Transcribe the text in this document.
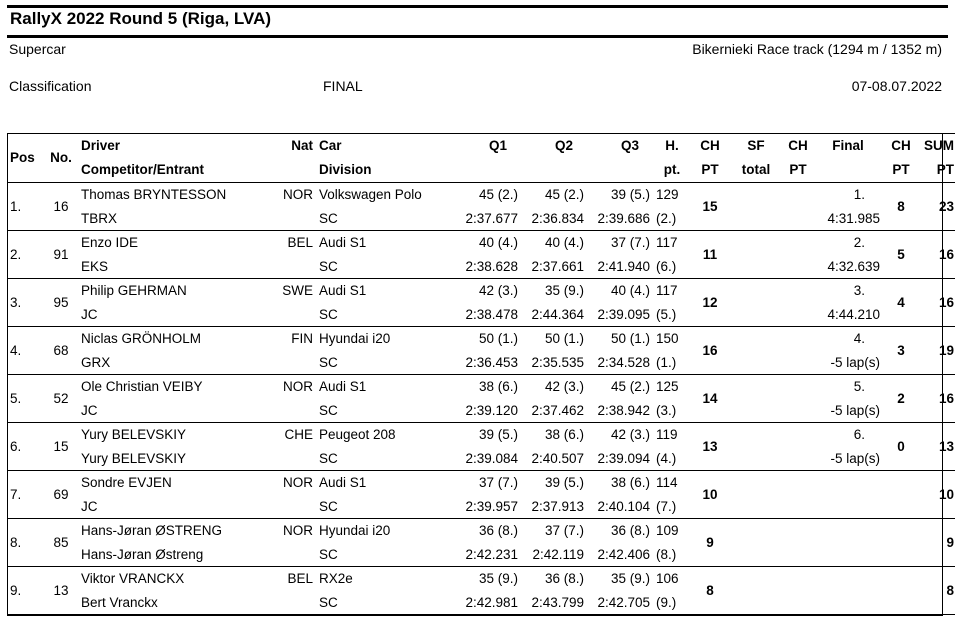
RallyX 2022 Round 5 (Riga, LVA)
Supercar	Bikernieki Race track (1294 m / 1352 m)
Classification	FINAL	07-08.07.2022
Pos	No.	Driver	Nat	Car	Q1	Q2	Q3	H.	CH	SF	CH	Final	CH	SUM
		Competitor/Entrant		Division				pt.	PT	total	PT		PT	PT
1.	16	Thomas BRYNTESSON	NOR	Volkswagen Polo	45 (2.)	45 (2.)	39 (5.)	129	15			1.	8	23
		TBRX		SC	2:37.677	2:36.834	2:39.686	(2.)				4:31.985		
2.	91	Enzo IDE	BEL	Audi S1	40 (4.)	40 (4.)	37 (7.)	117	11			2.	5	16
		EKS		SC	2:38.628	2:37.661	2:41.940	(6.)				4:32.639		
3.	95	Philip GEHRMAN	SWE	Audi S1	42 (3.)	35 (9.)	40 (4.)	117	12			3.	4	16
		JC		SC	2:38.478	2:44.364	2:39.095	(5.)				4:44.210		
4.	68	Niclas GRÖNHOLM	FIN	Hyundai i20	50 (1.)	50 (1.)	50 (1.)	150	16			4.	3	19
		GRX		SC	2:36.453	2:35.535	2:34.528	(1.)				-5 lap(s)		
5.	52	Ole Christian VEIBY	NOR	Audi S1	38 (6.)	42 (3.)	45 (2.)	125	14			5.	2	16
		JC		SC	2:39.120	2:37.462	2:38.942	(3.)				-5 lap(s)		
6.	15	Yury BELEVSKIY	CHE	Peugeot 208	39 (5.)	38 (6.)	42 (3.)	119	13			6.	0	13
		Yury BELEVSKIY		SC	2:39.084	2:40.507	2:39.094	(4.)				-5 lap(s)		
7.	69	Sondre EVJEN	NOR	Audi S1	37 (7.)	39 (5.)	38 (6.)	114	10					10
		JC		SC	2:39.957	2:37.913	2:40.104	(7.)						
8.	85	Hans-Jøran ØSTRENG	NOR	Hyundai i20	36 (8.)	37 (7.)	36 (8.)	109	9					9
		Hans-Jøran Østreng		SC	2:42.231	2:42.119	2:42.406	(8.)						
9.	13	Viktor VRANCKX	BEL	RX2e	35 (9.)	36 (8.)	35 (9.)	106	8					8
		Bert Vranckx		SC	2:42.981	2:43.799	2:42.705	(9.)						
